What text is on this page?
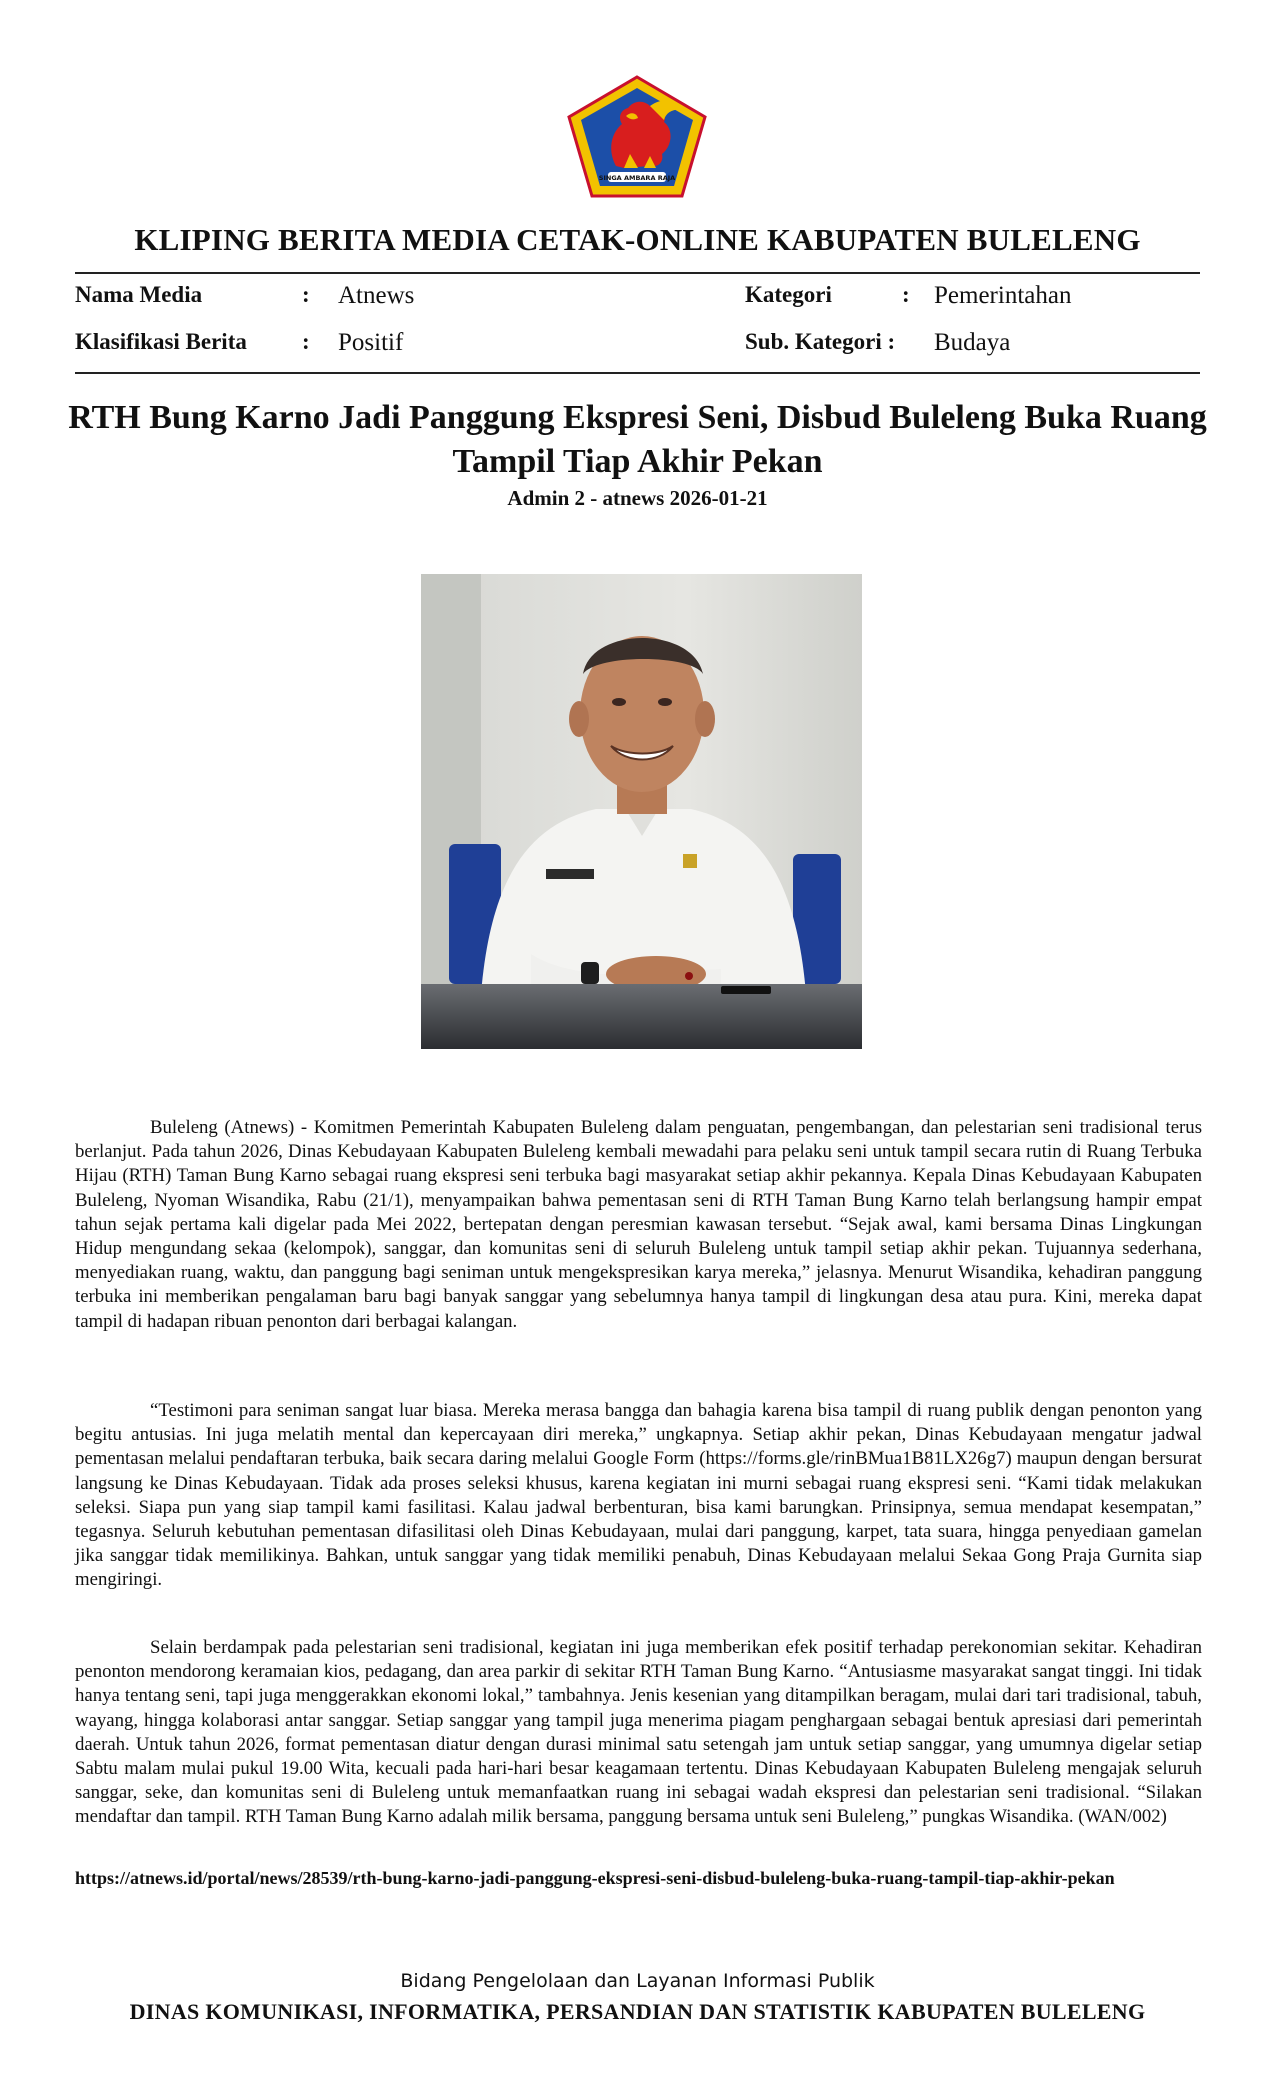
SINGA AMBARA RAJA
KLIPING BERITA MEDIA CETAK-ONLINE KABUPATEN BULELENG
Nama Media	: Atnews
Klasifikasi Berita : Positif
Kategori	: Pemerintahan
Sub. Kategori : Budaya
RTH Bung Karno Jadi Panggung Ekspresi Seni, Disbud Buleleng Buka Ruang Tampil Tiap Akhir Pekan
Admin 2 - atnews 2026-01-21

Buleleng (Atnews) - Komitmen Pemerintah Kabupaten Buleleng dalam penguatan, pengembangan, dan pelestarian seni tradisional terus berlanjut. Pada tahun 2026, Dinas Kebudayaan Kabupaten Buleleng kembali mewadahi para pelaku seni untuk tampil secara rutin di Ruang Terbuka Hijau (RTH) Taman Bung Karno sebagai ruang ekspresi seni terbuka bagi masyarakat setiap akhir pekannya. Kepala Dinas Kebudayaan Kabupaten Buleleng, Nyoman Wisandika, Rabu (21/1), menyampaikan bahwa pementasan seni di RTH Taman Bung Karno telah berlangsung hampir empat tahun sejak pertama kali digelar pada Mei 2022, bertepatan dengan peresmian kawasan tersebut. “Sejak awal, kami bersama Dinas Lingkungan Hidup mengundang sekaa (kelompok), sanggar, dan komunitas seni di seluruh Buleleng untuk tampil setiap akhir pekan. Tujuannya sederhana, menyediakan ruang, waktu, dan panggung bagi seniman untuk mengekspresikan karya mereka,” jelasnya. Menurut Wisandika, kehadiran panggung terbuka ini memberikan pengalaman baru bagi banyak sanggar yang sebelumnya hanya tampil di lingkungan desa atau pura. Kini, mereka dapat tampil di hadapan ribuan penonton dari berbagai kalangan.

“Testimoni para seniman sangat luar biasa. Mereka merasa bangga dan bahagia karena bisa tampil di ruang publik dengan penonton yang begitu antusias. Ini juga melatih mental dan kepercayaan diri mereka,” ungkapnya. Setiap akhir pekan, Dinas Kebudayaan mengatur jadwal pementasan melalui pendaftaran terbuka, baik secara daring melalui Google Form (https://forms.gle/rinBMua1B81LX26g7) maupun dengan bersurat langsung ke Dinas Kebudayaan. Tidak ada proses seleksi khusus, karena kegiatan ini murni sebagai ruang ekspresi seni. “Kami tidak melakukan seleksi. Siapa pun yang siap tampil kami fasilitasi. Kalau jadwal berbenturan, bisa kami barungkan. Prinsipnya, semua mendapat kesempatan,” tegasnya. Seluruh kebutuhan pementasan difasilitasi oleh Dinas Kebudayaan, mulai dari panggung, karpet, tata suara, hingga penyediaan gamelan jika sanggar tidak memilikinya. Bahkan, untuk sanggar yang tidak memiliki penabuh, Dinas Kebudayaan melalui Sekaa Gong Praja Gurnita siap mengiringi.

Selain berdampak pada pelestarian seni tradisional, kegiatan ini juga memberikan efek positif terhadap perekonomian sekitar. Kehadiran penonton mendorong keramaian kios, pedagang, dan area parkir di sekitar RTH Taman Bung Karno. “Antusiasme masyarakat sangat tinggi. Ini tidak hanya tentang seni, tapi juga menggerakkan ekonomi lokal,” tambahnya. Jenis kesenian yang ditampilkan beragam, mulai dari tari tradisional, tabuh, wayang, hingga kolaborasi antar sanggar. Setiap sanggar yang tampil juga menerima piagam penghargaan sebagai bentuk apresiasi dari pemerintah daerah. Untuk tahun 2026, format pementasan diatur dengan durasi minimal satu setengah jam untuk setiap sanggar, yang umumnya digelar setiap Sabtu malam mulai pukul 19.00 Wita, kecuali pada hari-hari besar keagamaan tertentu. Dinas Kebudayaan Kabupaten Buleleng mengajak seluruh sanggar, seke, dan komunitas seni di Buleleng untuk memanfaatkan ruang ini sebagai wadah ekspresi dan pelestarian seni tradisional. “Silakan mendaftar dan tampil. RTH Taman Bung Karno adalah milik bersama, panggung bersama untuk seni Buleleng,” pungkas Wisandika. (WAN/002)

https://atnews.id/portal/news/28539/rth-bung-karno-jadi-panggung-ekspresi-seni-disbud-buleleng-buka-ruang-tampil-tiap-akhir-pekan

Bidang Pengelolaan dan Layanan Informasi Publik
DINAS KOMUNIKASI, INFORMATIKA, PERSANDIAN DAN STATISTIK KABUPATEN BULELENG
